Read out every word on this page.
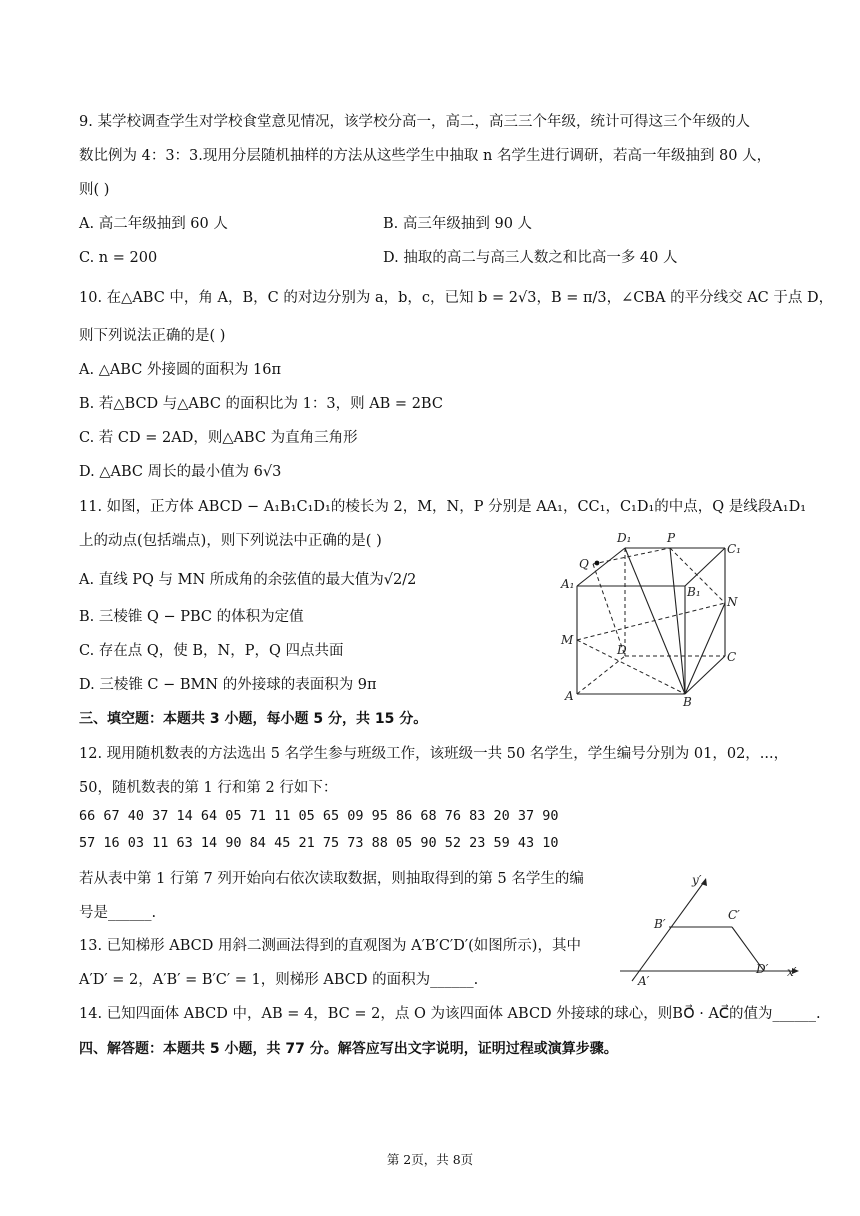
9. 某学校调查学生对学校食堂意见情况，该学校分高一，高二，高三三个年级，统计可得这三个年级的人
数比例为 4：3：3.现用分层随机抽样的方法从这些学生中抽取 n 名学生进行调研，若高一年级抽到 80 人，
则( )
A. 高二年级抽到 60 人	B. 高三年级抽到 90 人
C. n = 200	D. 抽取的高二与高三人数之和比高一多 40 人
10. 在△ABC 中，角 A，B，C 的对边分别为 a，b，c，已知 b = 2√3，B = π/3，∠CBA 的平分线交 AC 于点 D，
则下列说法正确的是( )
A. △ABC 外接圆的面积为 16π
B. 若△BCD 与△ABC 的面积比为 1：3，则 AB = 2BC
C. 若 CD = 2AD，则△ABC 为直角三角形
D. △ABC 周长的最小值为 6√3
11. 如图，正方体 ABCD − A₁B₁C₁D₁的棱长为 2，M，N，P 分别是 AA₁，CC₁，C₁D₁的中点，Q 是线段A₁D₁
上的动点(包括端点)，则下列说法中正确的是( )
A. 直线 PQ 与 MN 所成角的余弦值的最大值为√2/2
B. 三棱锥 Q − PBC 的体积为定值
C. 存在点 Q，使 B，N，P，Q 四点共面
D. 三棱锥 C − BMN 的外接球的表面积为 9π
D₁	P
C₁
Q
A₁
B₁
N
M
D	C
A	B
三、填空题：本题共 3 小题，每小题 5 分，共 15 分。
12. 现用随机数表的方法选出 5 名学生参与班级工作，该班级一共 50 名学生，学生编号分别为 01，02，...，
50，随机数表的第 1 行和第 2 行如下：
66 67 40 37 14 64 05 71 11 05 65 09 95 86 68 76 83 20 37 90
57 16 03 11 63 14 90 84 45 21 75 73 88 05 90 52 23 59 43 10
若从表中第 1 行第 7 列开始向右依次读取数据，则抽取得到的第 5 名学生的编
号是______.
13. 已知梯形 ABCD 用斜二测画法得到的直观图为 A′B′C′D′(如图所示)，其中
A′D′ = 2，A′B′ = B′C′ = 1，则梯形 ABCD 的面积为______.
y′
B′
C′
A′
D′ x′
14. 已知四面体 ABCD 中，AB = 4，BC = 2，点 O 为该四面体 ABCD 外接球的球心，则BO⃗ · AC⃗的值为______.
四、解答题：本题共 5 小题，共 77 分。解答应写出文字说明，证明过程或演算步骤。
第 2页，共 8页
